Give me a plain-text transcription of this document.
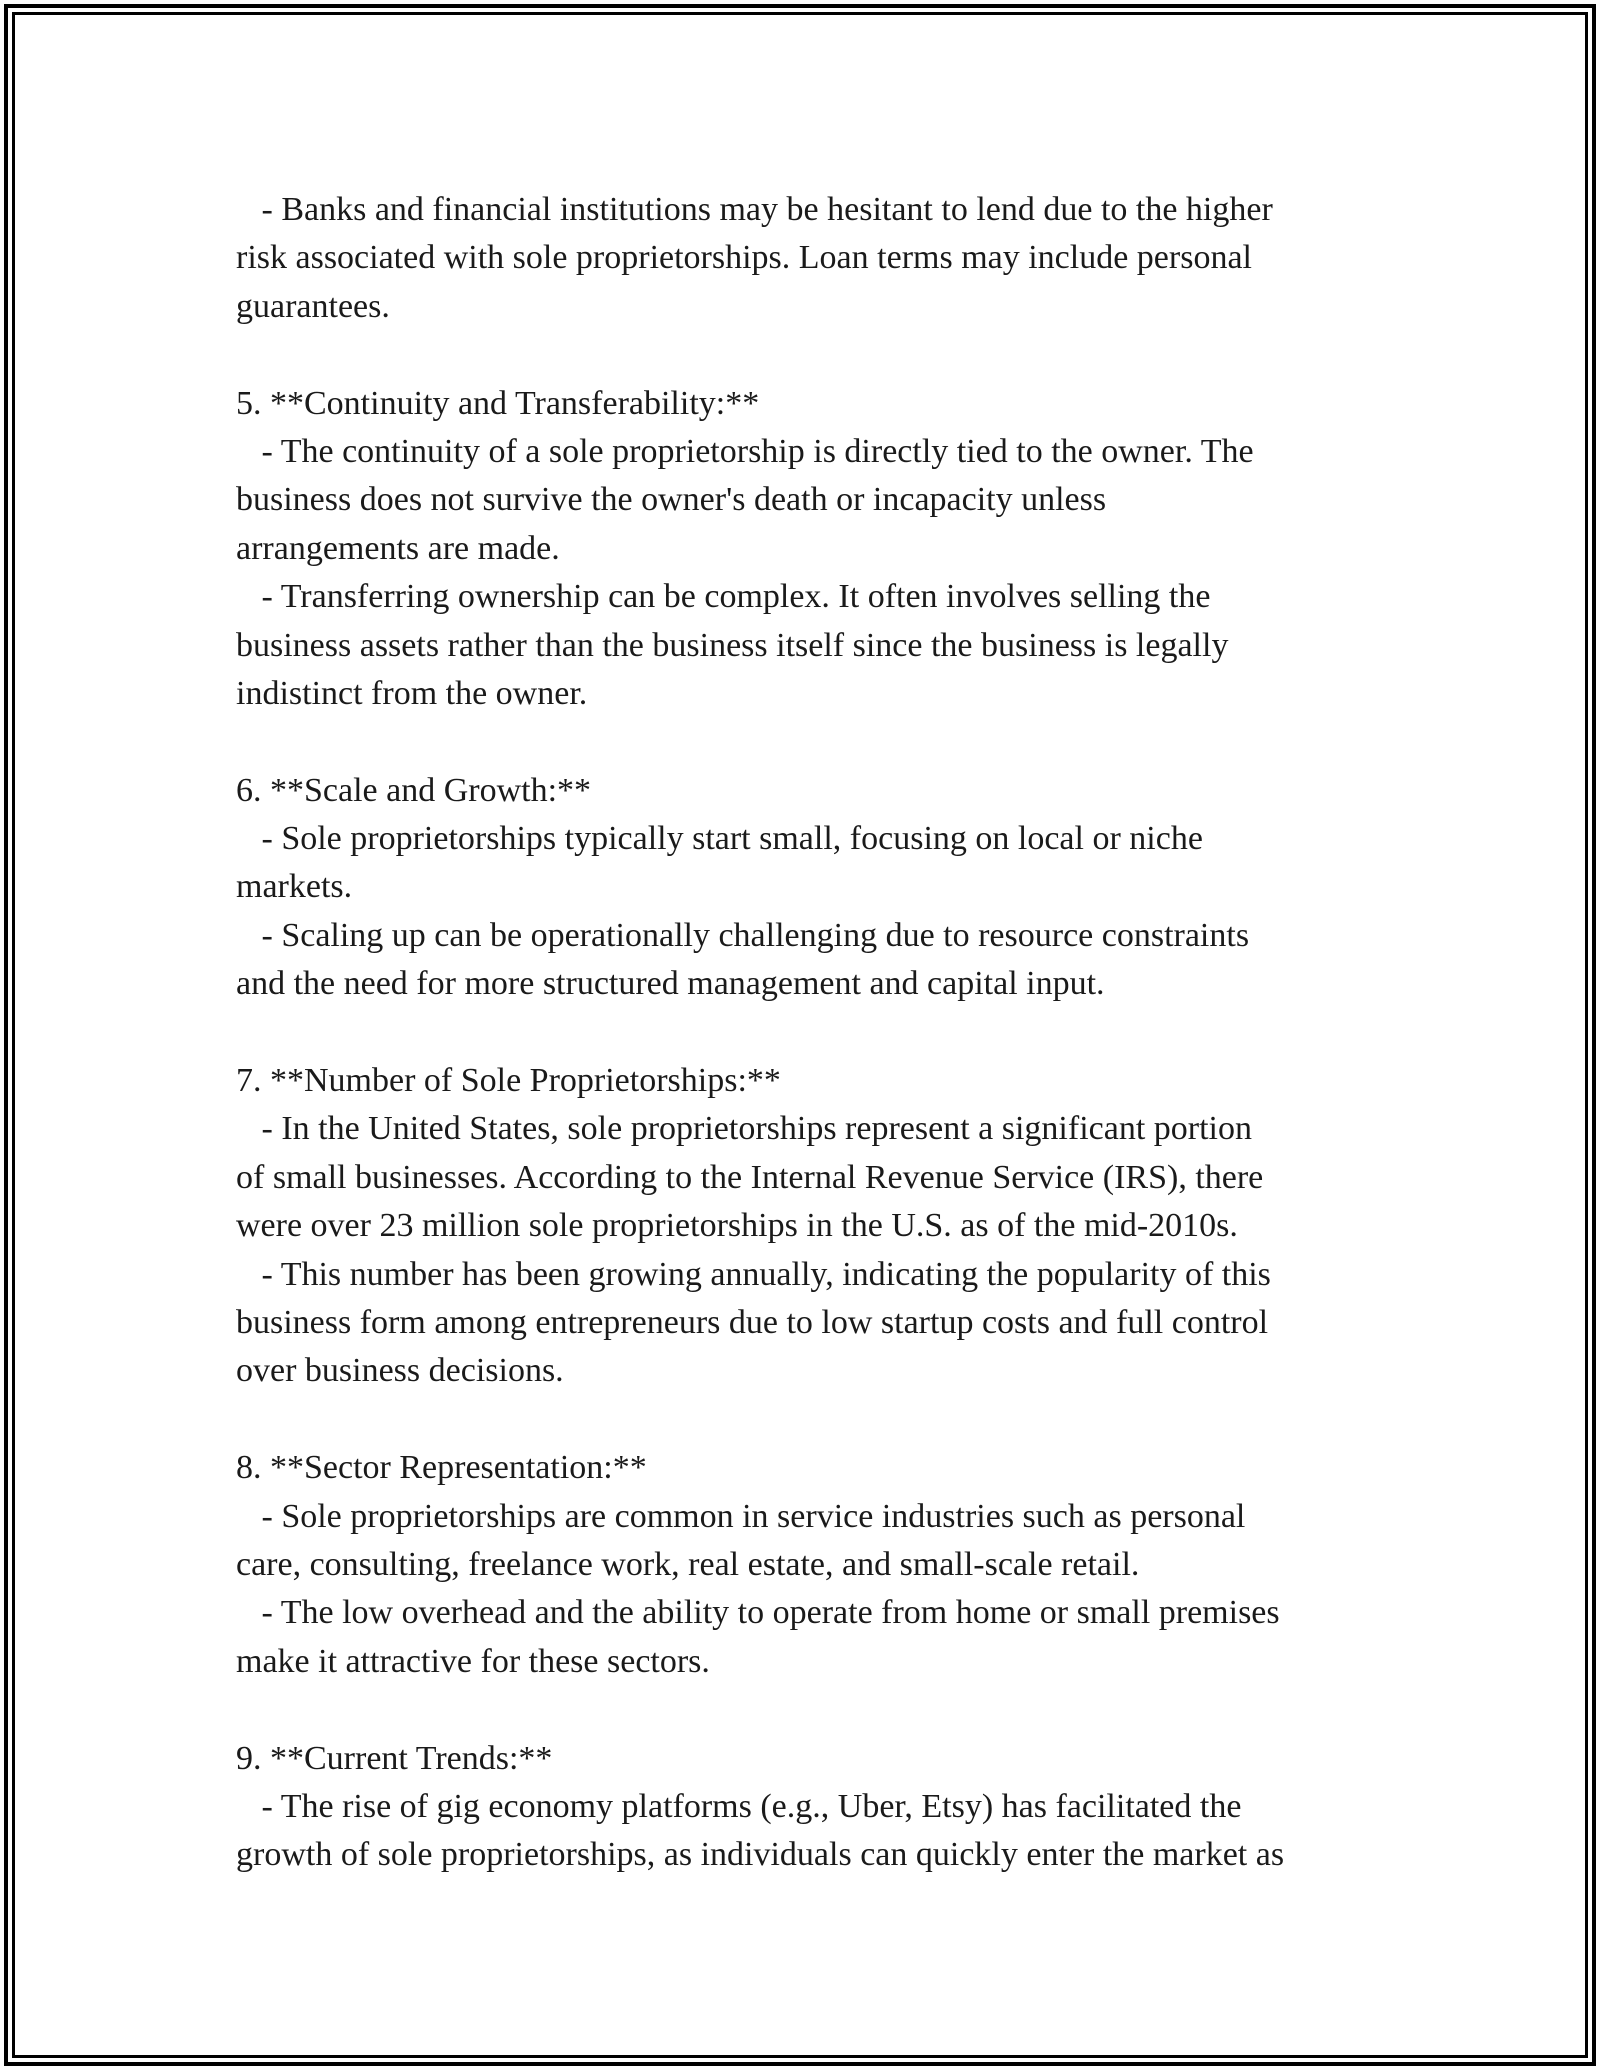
- Banks and financial institutions may be hesitant to lend due to the higher
risk associated with sole proprietorships. Loan terms may include personal
guarantees.
5. **Continuity and Transferability:**
- The continuity of a sole proprietorship is directly tied to the owner. The
business does not survive the owner's death or incapacity unless
arrangements are made.
- Transferring ownership can be complex. It often involves selling the
business assets rather than the business itself since the business is legally
indistinct from the owner.
6. **Scale and Growth:**
- Sole proprietorships typically start small, focusing on local or niche
markets.
- Scaling up can be operationally challenging due to resource constraints
and the need for more structured management and capital input.
7. **Number of Sole Proprietorships:**
- In the United States, sole proprietorships represent a significant portion
of small businesses. According to the Internal Revenue Service (IRS), there
were over 23 million sole proprietorships in the U.S. as of the mid-2010s.
- This number has been growing annually, indicating the popularity of this
business form among entrepreneurs due to low startup costs and full control
over business decisions.
8. **Sector Representation:**
- Sole proprietorships are common in service industries such as personal
care, consulting, freelance work, real estate, and small-scale retail.
- The low overhead and the ability to operate from home or small premises
make it attractive for these sectors.
9. **Current Trends:**
- The rise of gig economy platforms (e.g., Uber, Etsy) has facilitated the
growth of sole proprietorships, as individuals can quickly enter the market as
